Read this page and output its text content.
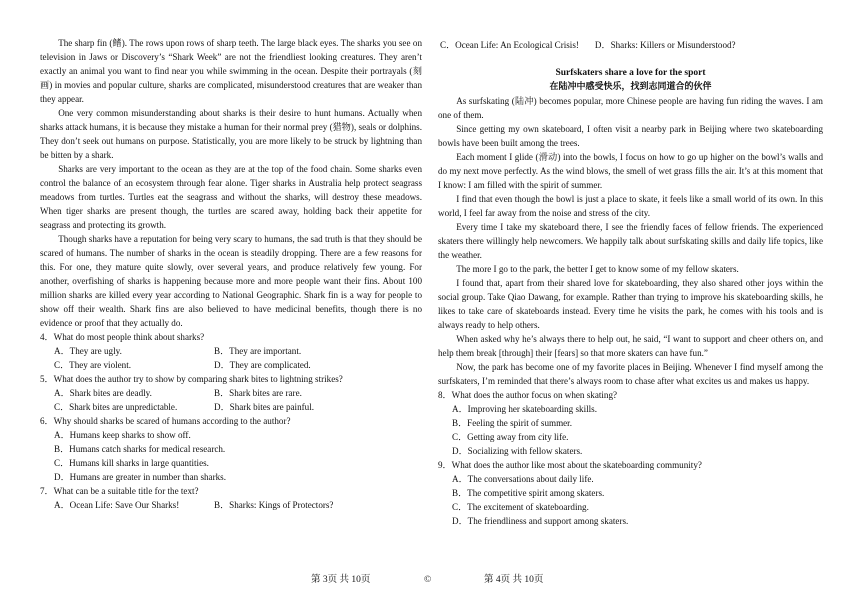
The sharp fin (鳍). The rows upon rows of sharp teeth. The large black eyes. The sharks you see on television in Jaws or Discovery’s “Shark Week” are not the friendliest looking creatures. They aren’t exactly an animal you want to find near you while swimming in the ocean. Despite their portrayals (刻画) in movies and popular culture, sharks are complicated, misunderstood creatures that are weaker than they appear.

One very common misunderstanding about sharks is their desire to hunt humans. Actually when sharks attack humans, it is because they mistake a human for their normal prey (猎物), seals or dolphins. They don’t seek out humans on purpose. Statistically, you are more likely to be struck by lightning than be bitten by a shark.

Sharks are very important to the ocean as they are at the top of the food chain. Some sharks even control the balance of an ecosystem through fear alone. Tiger sharks in Australia help protect seagrass meadows from turtles. Turtles eat the seagrass and without the sharks, will destroy these meadows. When tiger sharks are present though, the turtles are scared away, holding back their appetite for seagrass and protecting its growth.

Though sharks have a reputation for being very scary to humans, the sad truth is that they should be scared of humans. The number of sharks in the ocean is steadily dropping. There are a few reasons for this. For one, they mature quite slowly, over several years, and produce relatively few young. For another, overfishing of sharks is happening because more and more people want their fins. About 100 million sharks are killed every year according to National Geographic. Shark fin is a way for people to show off their wealth. Shark fins are also believed to have medicinal benefits, though there is no evidence or proof that they actually do.

4．What do most people think about sharks?

A．They are ugly.	B．They are important.
C．They are violent.	D．They are complicated.

5．What does the author try to show by comparing shark bites to lightning strikes?

A．Shark bites are deadly.	B．Shark bites are rare.
C．Shark bites are unpredictable.	D．Shark bites are painful.

6．Why should sharks be scared of humans according to the author?

A．Humans keep sharks to show off.
B．Humans catch sharks for medical research.
C．Humans kill sharks in large quantities.
D．Humans are greater in number than sharks.

7．What can be a suitable title for the text?

A．Ocean Life: Save Our Sharks!	B．Sharks: Kings of Protectors?
C．Ocean Life: An Ecological Crisis! D．Sharks: Killers or Misunderstood?
Surfskaters share a love for the sport
在陆冲中感受快乐，找到志同道合的伙伴

As surfskating (陆冲) becomes popular, more Chinese people are having fun riding the waves. I am one of them.

Since getting my own skateboard, I often visit a nearby park in Beijing where two skateboarding bowls have been built among the trees.

Each moment I glide (滑动) into the bowls, I focus on how to go up higher on the bowl’s walls and do my next move perfectly. As the wind blows, the smell of wet grass fills the air. It’s at this moment that I know: I am filled with the spirit of summer.

I find that even though the bowl is just a place to skate, it feels like a small world of its own. In this world, I feel far away from the noise and stress of the city.

Every time I take my skateboard there, I see the friendly faces of fellow friends. The experienced skaters there willingly help newcomers. We happily talk about surfskating skills and daily life topics, like the weather.

The more I go to the park, the better I get to know some of my fellow skaters.

I found that, apart from their shared love for skateboarding, they also shared other joys within the social group. Take Qiao Dawang, for example. Rather than trying to improve his skateboarding skills, he likes to take care of skateboards instead. Every time he visits the park, he comes with his tools and is always ready to help others.

When asked why he’s always there to help out, he said, “I want to support and cheer others on, and help them break [through] their [fears] so that more skaters can have fun.”

Now, the park has become one of my favorite places in Beijing. Whenever I find myself among the surfskaters, I’m reminded that there’s always room to chase after what excites us and makes us happy.

8．What does the author focus on when skating?

A．Improving her skateboarding skills.
B．Feeling the spirit of summer.
C．Getting away from city life.
D．Socializing with fellow skaters.

9．What does the author like most about the skateboarding community?

A．The conversations about daily life.
B．The competitive spirit among skaters.
C．The excitement of skateboarding.
D．The friendliness and support among skaters.
第 3页 共 10页	©	第 4页 共 10页
